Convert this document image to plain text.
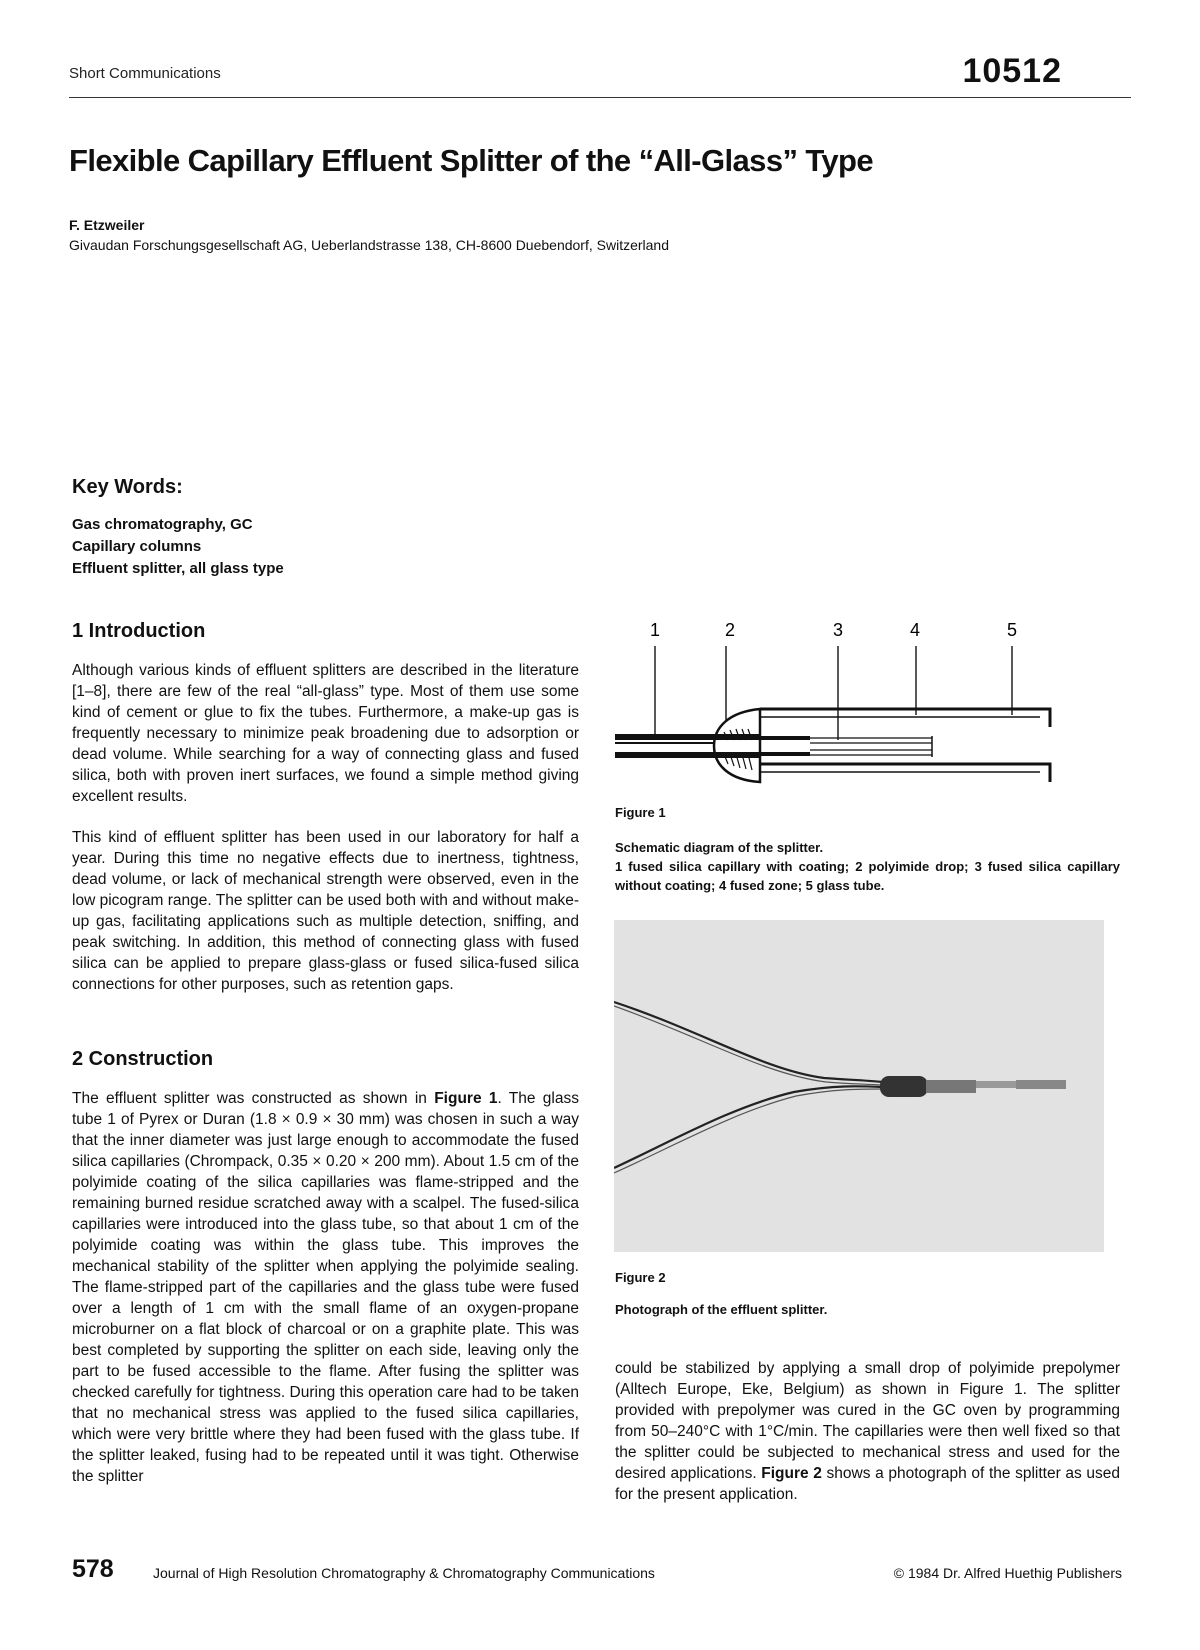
Short Communications	10512
Flexible Capillary Effluent Splitter of the “All-Glass” Type
F. Etzweiler
Givaudan Forschungsgesellschaft AG, Ueberlandstrasse 138, CH-8600 Duebendorf, Switzerland
Key Words:
Gas chromatography, GC
Capillary columns
Effluent splitter, all glass type
1 Introduction

Although various kinds of effluent splitters are described in the literature [1–8], there are few of the real “all-glass” type. Most of them use some kind of cement or glue to fix the tubes. Furthermore, a make-up gas is frequently necessary to minimize peak broadening due to adsorption or dead volume. While searching for a way of connecting glass and fused silica, both with proven inert surfaces, we found a simple method giving excellent results.

This kind of effluent splitter has been used in our laboratory for half a year. During this time no negative effects due to inertness, tightness, dead volume, or lack of mechanical strength were observed, even in the low picogram range. The splitter can be used both with and without make-up gas, facilitating applications such as multiple detection, sniffing, and peak switching. In addition, this method of connecting glass with fused silica can be applied to prepare glass-glass or fused silica-fused silica connections for other purposes, such as retention gaps.

2 Construction

The effluent splitter was constructed as shown in Figure 1. The glass tube 1 of Pyrex or Duran (1.8 × 0.9 × 30 mm) was chosen in such a way that the inner diameter was just large enough to accommodate the fused silica capillaries (Chrompack, 0.35 × 0.20 × 200 mm). About 1.5 cm of the polyimide coating of the silica capillaries was flame-stripped and the remaining burned residue scratched away with a scalpel. The fused-silica capillaries were introduced into the glass tube, so that about 1 cm of the polyimide coating was within the glass tube. This improves the mechanical stability of the splitter when applying the polyimide sealing. The flame-stripped part of the capillaries and the glass tube were fused over a length of 1 cm with the small flame of an oxygen-propane microburner on a flat block of charcoal or on a graphite plate. This was best completed by supporting the splitter on each side, leaving only the part to be fused accessible to the flame. After fusing the splitter was checked carefully for tightness. During this operation care had to be taken that no mechanical stress was applied to the fused silica capillaries, which were very brittle where they had been fused with the glass tube. If the splitter leaked, fusing had to be repeated until it was tight. Otherwise the splitter

1	2	3	4	5
Figure 1
Schematic diagram of the splitter.
1 fused silica capillary with coating; 2 polyimide drop; 3 fused silica capillary without coating; 4 fused zone; 5 glass tube.
Figure 2
Photograph of the effluent splitter.

could be stabilized by applying a small drop of polyimide prepolymer (Alltech Europe, Eke, Belgium) as shown in Figure 1. The splitter provided with prepolymer was cured in the GC oven by programming from 50–240°C with 1°C/min. The capillaries were then well fixed so that the splitter could be subjected to mechanical stress and used for the desired applications. Figure 2 shows a photograph of the splitter as used for the present application.

578	Journal of High Resolution Chromatography & Chromatography Communications	© 1984 Dr. Alfred Huethig Publishers
